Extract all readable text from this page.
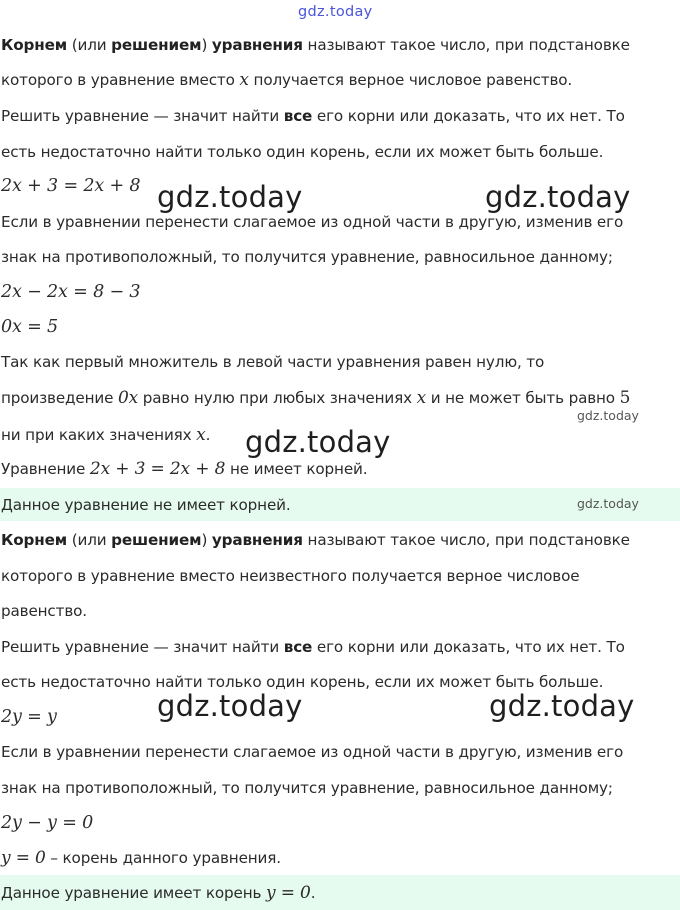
gdz.today
Корнем (или решением) уравнения называют такое число, при подстановке
которого в уравнение вместо x получается верное числовое равенство.
Решить уравнение — значит найти все его корни или доказать, что их нет. То
есть недостаточно найти только один корень, если их может быть больше.
2x + 3 = 2x + 8 gdz.today	gdz.today
Если в уравнении перенести слагаемое из одной части в другую, изменив его
знак на противоположный, то получится уравнение, равносильное данному;
2x − 2x = 8 − 3
0x = 5
Так как первый множитель в левой части уравнения равен нулю, то
произведение 0x равно нулю при любых значениях x и не может быть равно 5
gdz.today
ни при каких значениях x.	gdz.today
Уравнение 2x + 3 = 2x + 8 не имеет корней.
Данное уравнение не имеет корней.	gdz.today
Корнем (или решением) уравнения называют такое число, при подстановке
которого в уравнение вместо неизвестного получается верное числовое
равенство.
Решить уравнение — значит найти все его корни или доказать, что их нет. То
есть недостаточно найти только один корень, если их может быть больше.
2y = y	gdz.today	gdz.today
Если в уравнении перенести слагаемое из одной части в другую, изменив его
знак на противоположный, то получится уравнение, равносильное данному;
2y − y = 0
y = 0 – корень данного уравнения.
Данное уравнение имеет корень y = 0.
